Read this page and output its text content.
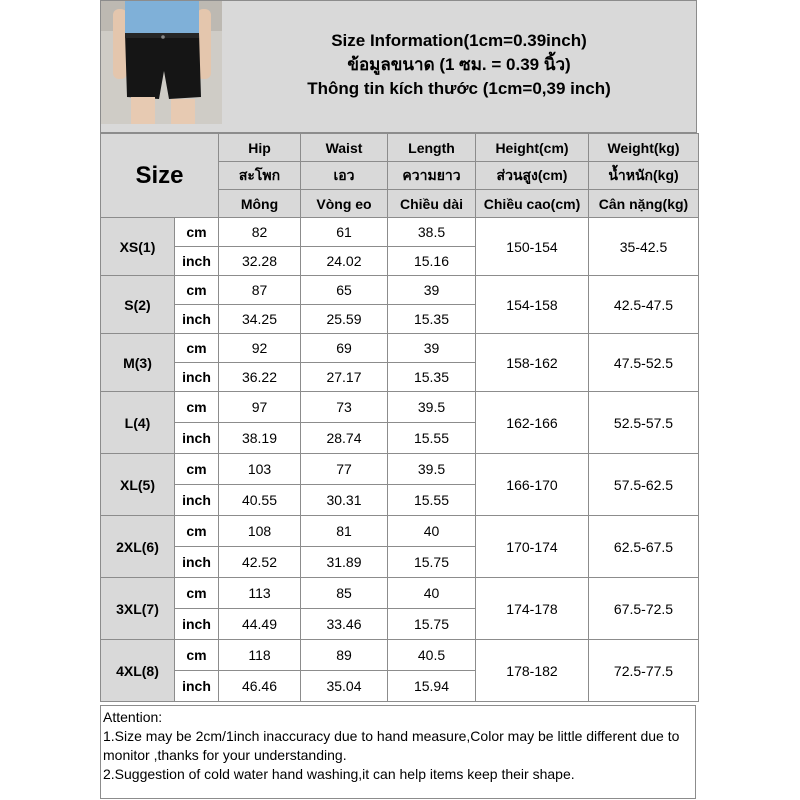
Size Information(1cm=0.39inch)
ข้อมูลขนาด (1 ซม. = 0.39 นิ้ว)
Thông tin kích thước (1cm=0,39 inch)
Size		Hip	Waist	Length	Height(cm)	Weight(kg)
		สะโพก	เอว	ความยาว	ส่วนสูง(cm)	น้ำหนัก(kg)
		Mông	Vòng eo	Chiều dài	Chiều cao(cm)	Cân nặng(kg)
XS(1)	cm	82	61	38.5	150-154	35-42.5
	inch	32.28	24.02	15.16		
S(2)	cm	87	65	39	154-158	42.5-47.5
	inch	34.25	25.59	15.35		
M(3)	cm	92	69	39	158-162	47.5-52.5
	inch	36.22	27.17	15.35		
L(4)	cm	97	73	39.5	162-166	52.5-57.5
	inch	38.19	28.74	15.55		
XL(5)	cm	103	77	39.5	166-170	57.5-62.5
	inch	40.55	30.31	15.55		
2XL(6)	cm	108	81	40	170-174	62.5-67.5
	inch	42.52	31.89	15.75		
3XL(7)	cm	113	85	40	174-178	67.5-72.5
	inch	44.49	33.46	15.75		
4XL(8)	cm	118	89	40.5	178-182	72.5-77.5
	inch	46.46	35.04	15.94		
Attention:
1.Size may be 2cm/1inch inaccuracy due to hand measure,Color may be little different due to monitor ,thanks for your understanding.
2.Suggestion of cold water hand washing,it can help items keep their shape.
